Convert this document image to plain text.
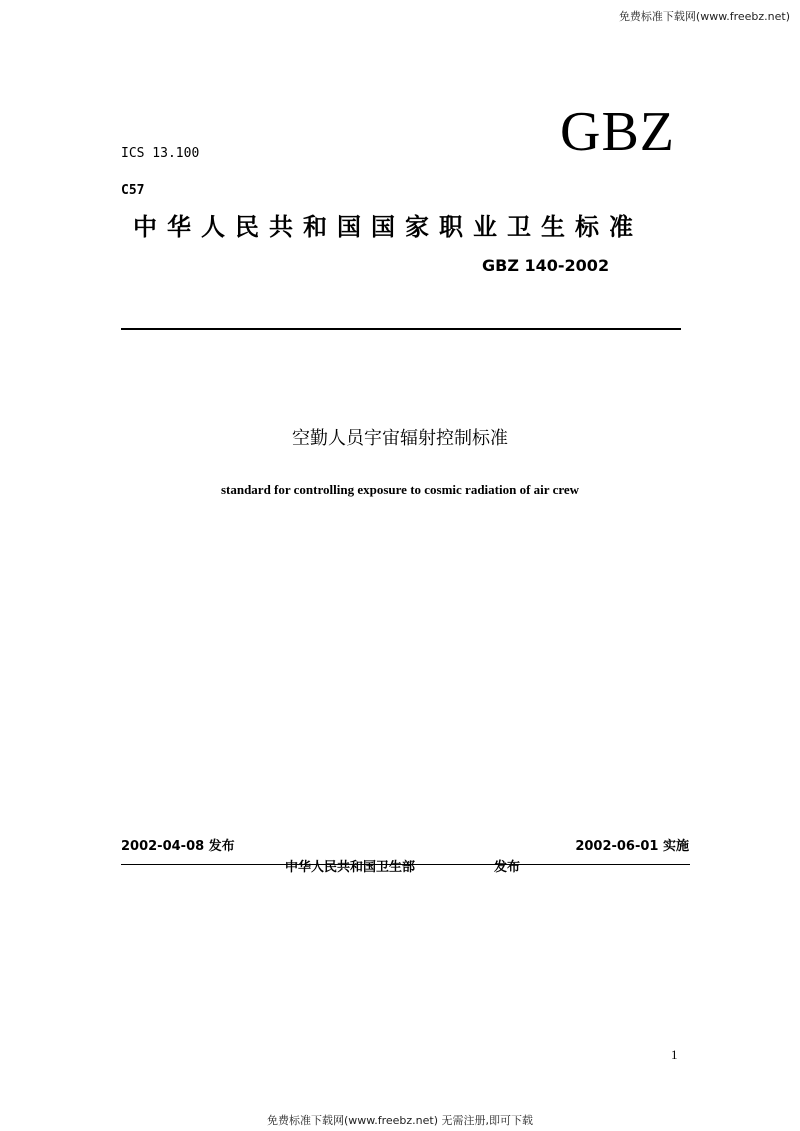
免费标准下载网(www.freebz.net)
ICS 13.100	GBZ
C57
中华人民共和国国家职业卫生标准
GBZ 140-2002
空勤人员宇宙辐射控制标准
standard for controlling exposure to cosmic radiation of air crew
2002-04-08 发布	2002-06-01 实施
中华人民共和国卫生部	发布
1
免费标准下载网(www.freebz.net) 无需注册,即可下载
